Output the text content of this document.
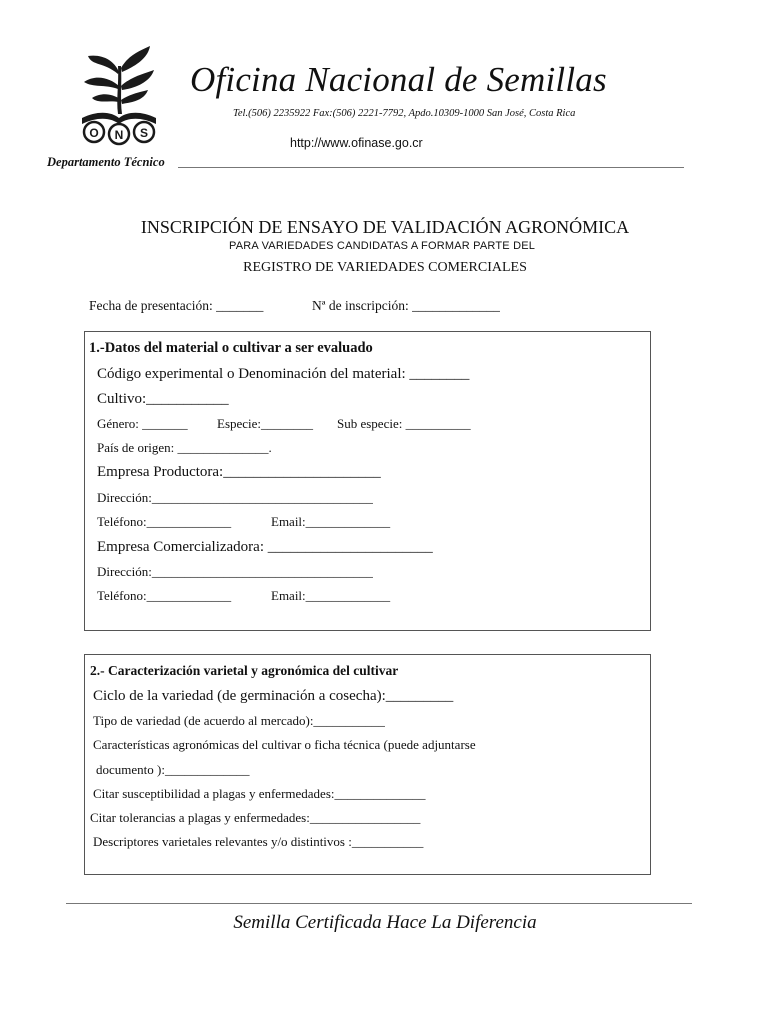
O N S
Oficina Nacional de Semillas
Tel.(506) 2235922 Fax:(506) 2221-7792, Apdo.10309-1000 San José, Costa Rica
http://www.ofinase.go.cr
Departamento Técnico
INSCRIPCIÓN DE ENSAYO DE VALIDACIÓN AGRONÓMICA
PARA VARIEDADES CANDIDATAS A FORMAR PARTE DEL
REGISTRO DE VARIEDADES COMERCIALES
Fecha de presentación: _______	Nª de inscripción: _____________
1.-Datos del material o cultivar a ser evaluado
Código experimental o Denominación del material: ________
Cultivo:___________
Género: _______ Especie:________ Sub especie: __________
País de origen: ______________.
Empresa Productora:_____________________
Dirección:__________________________________
Teléfono:_____________	Email:_____________
Empresa Comercializadora: ______________________
Dirección:__________________________________
Teléfono:_____________	Email:_____________
2.- Caracterización varietal y agronómica del cultivar
Ciclo de la variedad (de germinación a cosecha):_________
Tipo de variedad (de acuerdo al mercado):___________
Características agronómicas del cultivar o ficha técnica (puede adjuntarse
documento ):_____________
Citar susceptibilidad a plagas y enfermedades:______________
Citar tolerancias a plagas y enfermedades:_________________
Descriptores varietales relevantes y/o distintivos :___________
Semilla Certificada Hace La Diferencia
